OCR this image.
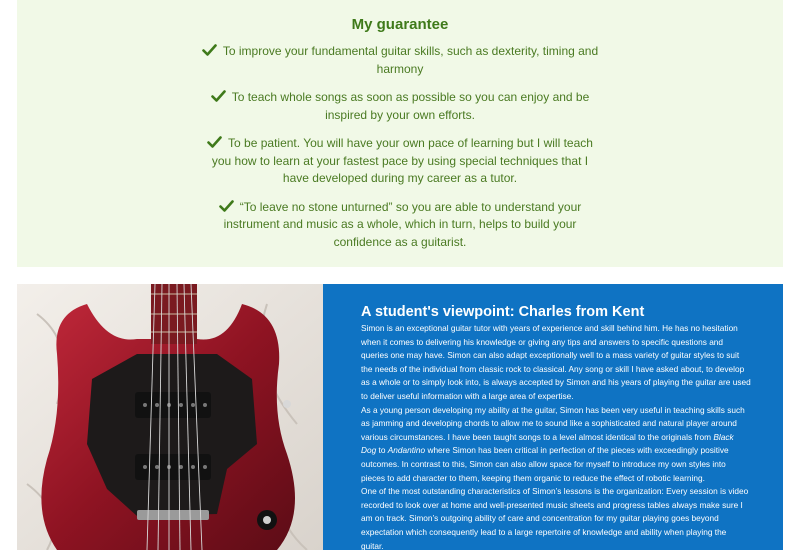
My guarantee
To improve your fundamental guitar skills, such as dexterity, timing and harmony
To teach whole songs as soon as possible so you can enjoy and be inspired by your own efforts.
To be patient. You will have your own pace of learning but I will teach you how to learn at your fastest pace by using special techniques that I have developed during my career as a tutor.
“To leave no stone unturned” so you are able to understand your instrument and music as a whole, which in turn, helps to build your confidence as a guitarist.
A student's viewpoint: Charles from Kent

Simon is an exceptional guitar tutor with years of experience and skill behind him. He has no hesitation when it comes to delivering his knowledge or giving any tips and answers to specific questions and queries one may have. Simon can also adapt exceptionally well to a mass variety of guitar styles to suit the needs of the individual from classic rock to classical. Any song or skill I have asked about, to develop as a whole or to simply look into, is always accepted by Simon and his years of playing the guitar are used to deliver useful information with a large area of expertise.

As a young person developing my ability at the guitar, Simon has been very useful in teaching skills such as jamming and developing chords to allow me to sound like a sophisticated and natural player around various circumstances. I have been taught songs to a level almost identical to the originals from Black Dog to Andantino where Simon has been critical in perfection of the pieces with exceedingly positive outcomes. In contrast to this, Simon can also allow space for myself to introduce my own styles into pieces to add character to them, keeping them organic to reduce the effect of robotic learning.

One of the most outstanding characteristics of Simon’s lessons is the organization: Every session is video recorded to look over at home and well-presented music sheets and progress tables always make sure I am on track. Simon’s outgoing ability of care and concentration for my guitar playing goes beyond expectation which consequently lead to a large repertoire of knowledge and ability when playing the guitar.
